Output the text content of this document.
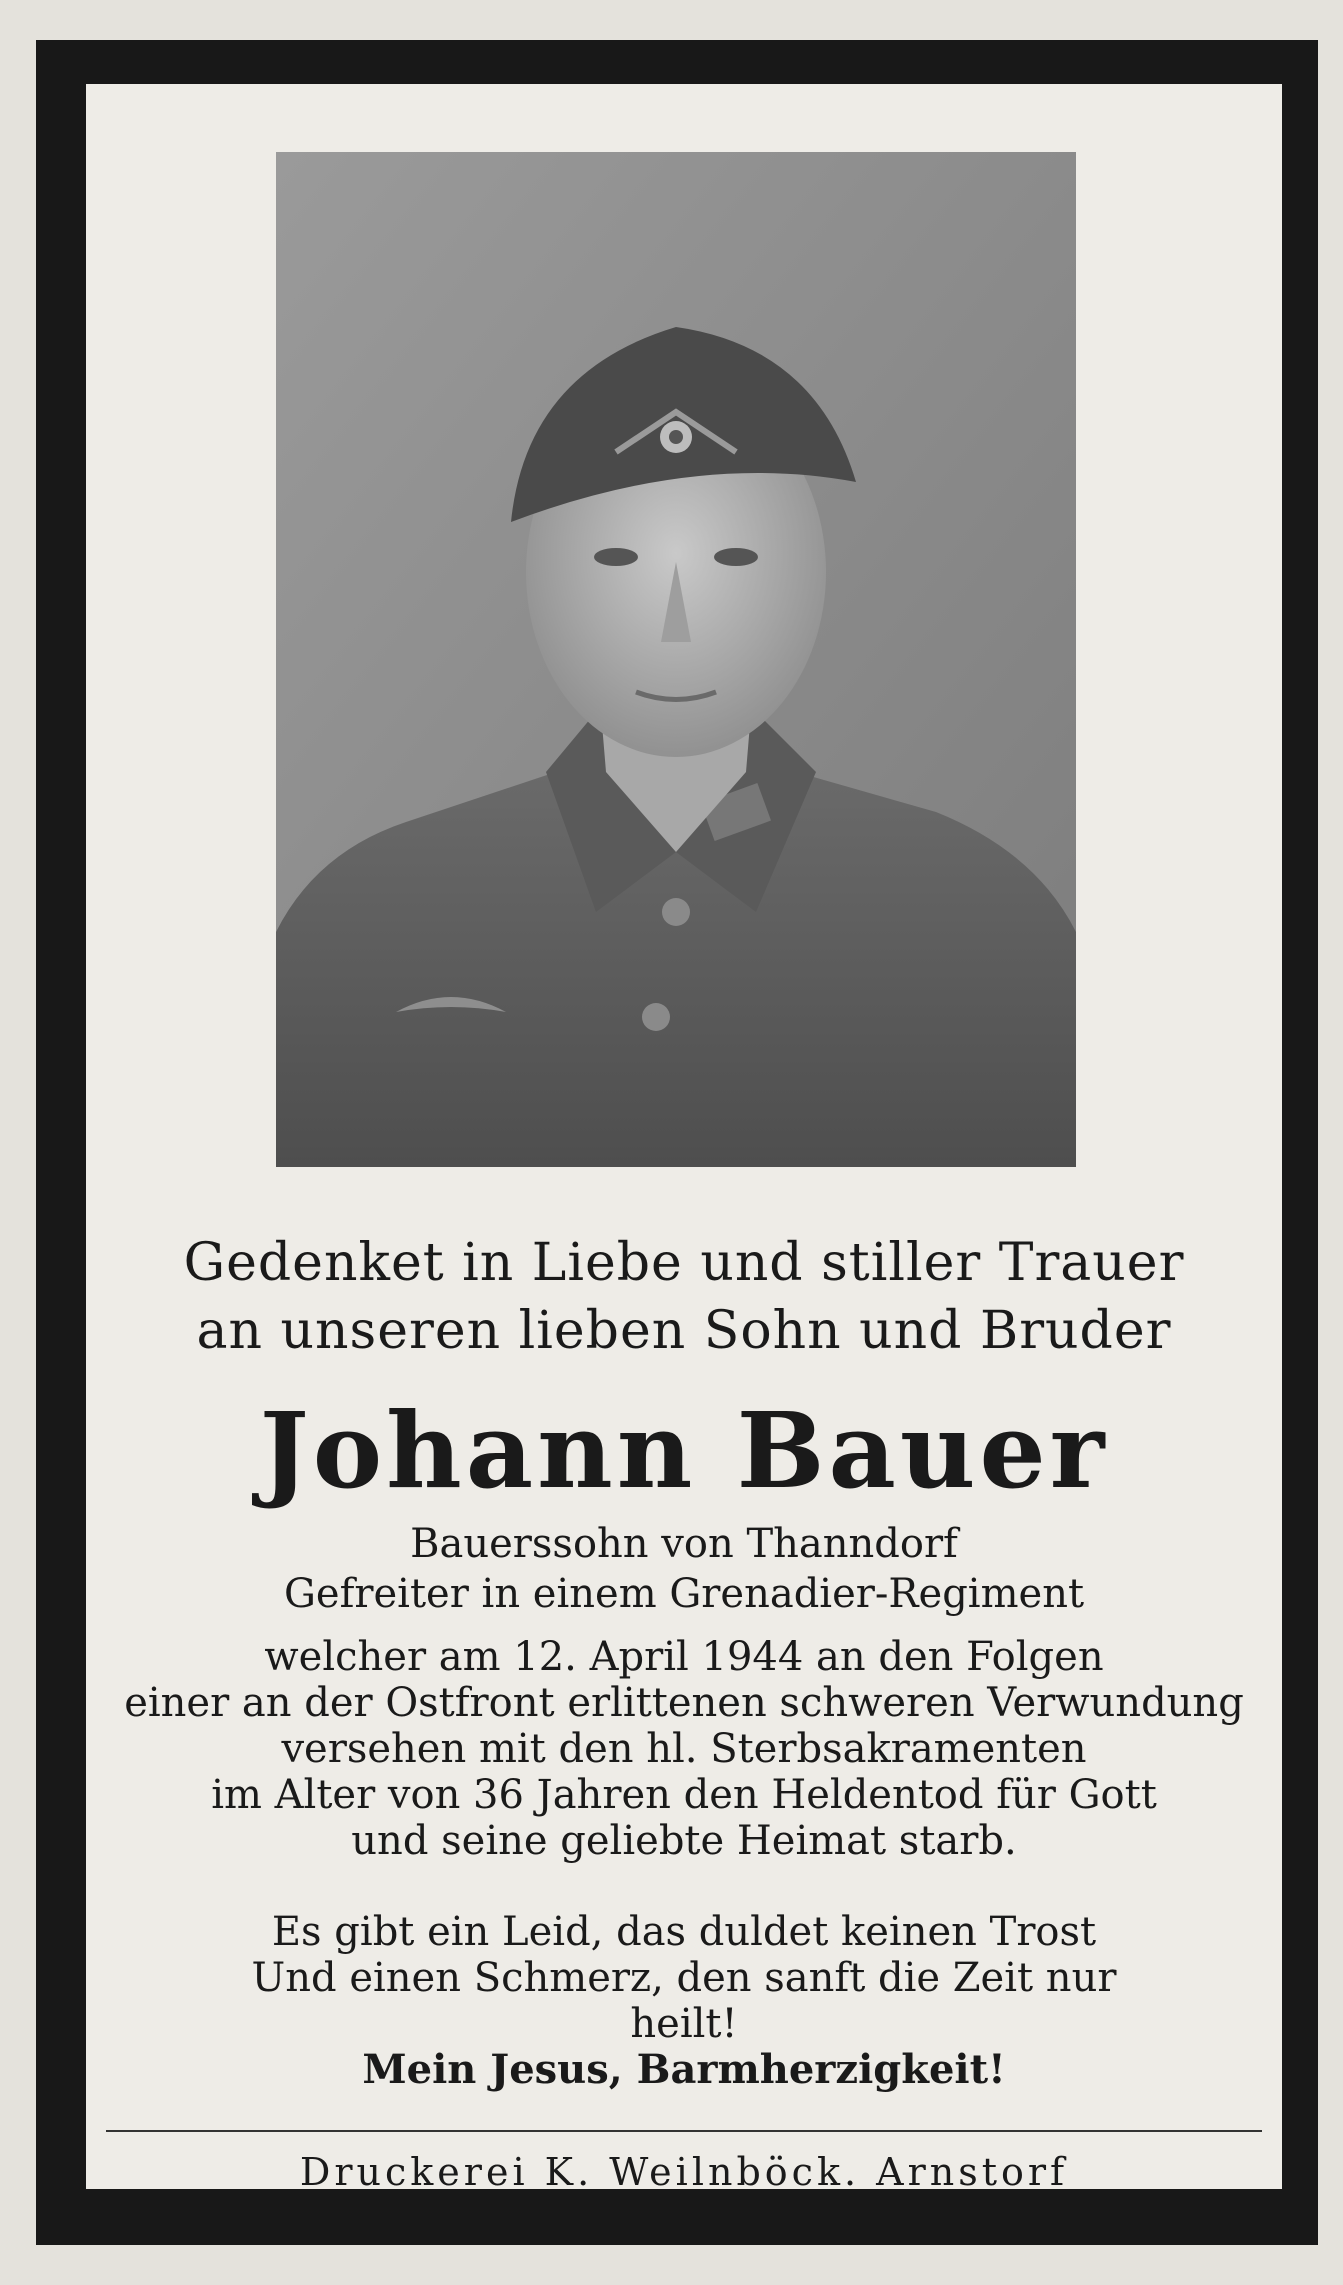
Gedenket in Liebe und stiller Trauer
an unseren lieben Sohn und Bruder
Johann Bauer
Bauerssohn von Thanndorf
Gefreiter in einem Grenadier-Regiment
welcher am 12. April 1944 an den Folgen
einer an der Ostfront erlittenen schweren Verwundung
versehen mit den hl. Sterbsakramenten
im Alter von 36 Jahren den Heldentod für Gott
und seine geliebte Heimat starb.
Es gibt ein Leid, das duldet keinen Trost
Und einen Schmerz, den sanft die Zeit nur
heilt!
Mein Jesus, Barmherzigkeit!
Druckerei K. Weilnböck. Arnstorf
